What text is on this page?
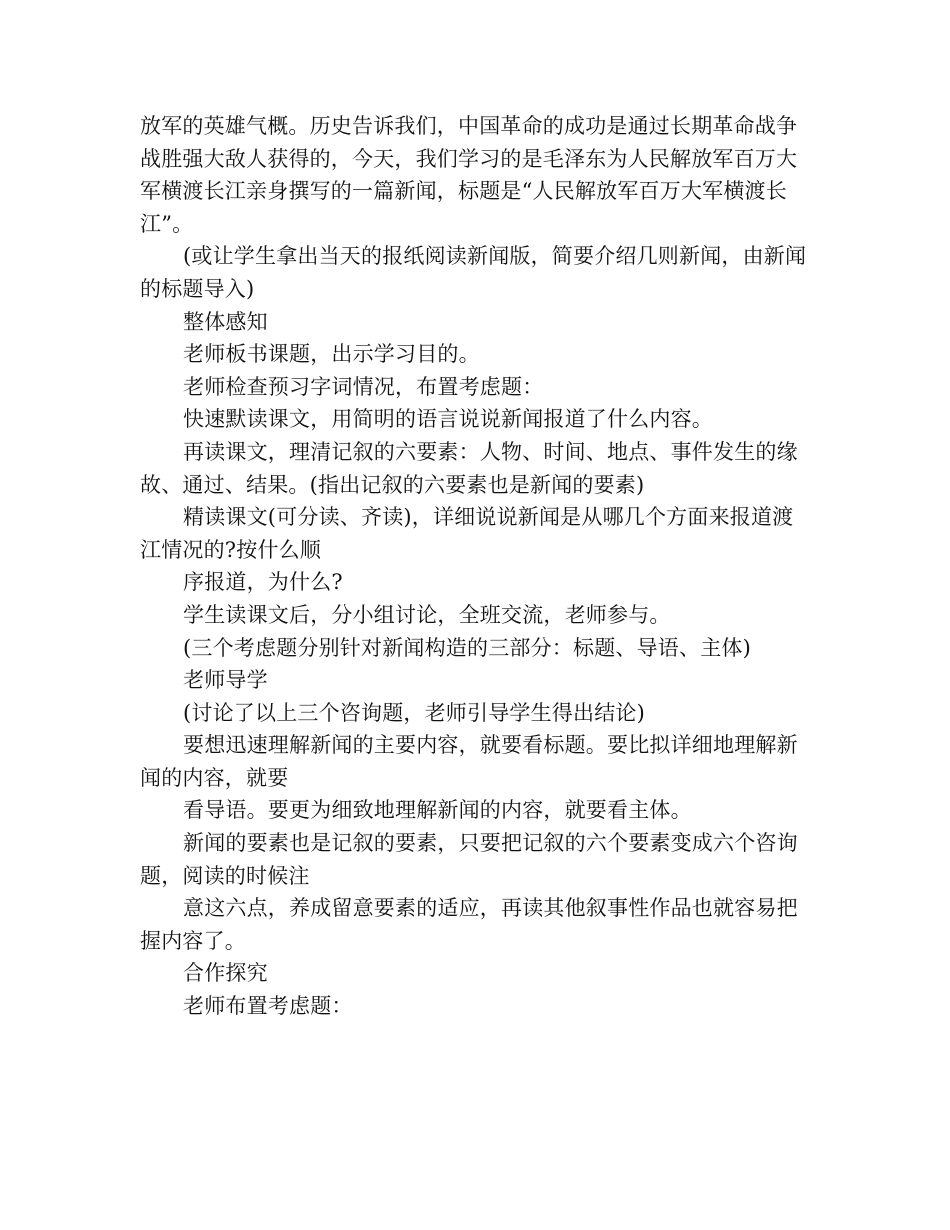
放军的英雄气概。历史告诉我们，中国革命的成功是通过长期革命战争战胜强大敌人获得的，今天，我们学习的是毛泽东为人民解放军百万大军横渡长江亲身撰写的一篇新闻，标题是“人民解放军百万大军横渡长江”。

(或让学生拿出当天的报纸阅读新闻版，简要介绍几则新闻，由新闻的标题导入)

整体感知

老师板书课题，出示学习目的。

老师检查预习字词情况，布置考虑题：

快速默读课文，用简明的语言说说新闻报道了什么内容。

再读课文，理清记叙的六要素：人物、时间、地点、事件发生的缘故、通过、结果。(指出记叙的六要素也是新闻的要素)

精读课文(可分读、齐读)，详细说说新闻是从哪几个方面来报道渡江情况的?按什么顺

序报道，为什么?

学生读课文后，分小组讨论，全班交流，老师参与。

(三个考虑题分别针对新闻构造的三部分：标题、导语、主体)

老师导学

(讨论了以上三个咨询题，老师引导学生得出结论)

要想迅速理解新闻的主要内容，就要看标题。要比拟详细地理解新闻的内容，就要

看导语。要更为细致地理解新闻的内容，就要看主体。

新闻的要素也是记叙的要素，只要把记叙的六个要素变成六个咨询题，阅读的时候注

意这六点，养成留意要素的适应，再读其他叙事性作品也就容易把握内容了。

合作探究

老师布置考虑题：
